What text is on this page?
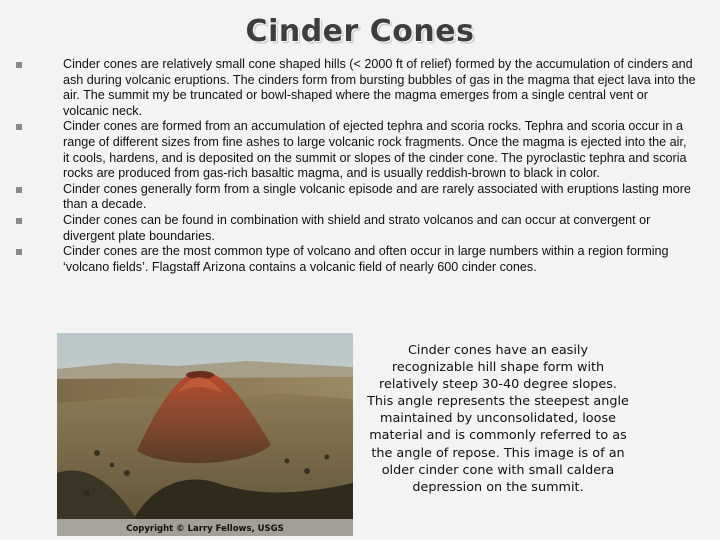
Cinder Cones
Cinder cones are relatively small cone shaped hills (< 2000 ft of relief) formed by the accumulation of cinders and ash during volcanic eruptions. The cinders form from bursting bubbles of gas in the magma that eject lava into the air. The summit my be truncated or bowl-shaped where the magma emerges from a single central vent or volcanic neck.
Cinder cones are formed from an accumulation of ejected tephra and scoria rocks. Tephra and scoria occur in a range of different sizes from fine ashes to large volcanic rock fragments. Once the magma is ejected into the air, it cools, hardens, and is deposited on the summit or slopes of the cinder cone. The pyroclastic tephra and scoria rocks are produced from gas-rich basaltic magma, and is usually reddish-brown to black in color.
Cinder cones generally form from a single volcanic episode and are rarely associated with eruptions lasting more than a decade.
Cinder cones can be found in combination with shield and strato volcanos and can occur at convergent or divergent plate boundaries.
Cinder cones are the most common type of volcano and often occur in large numbers within a region forming ‘volcano fields’. Flagstaff Arizona contains a volcanic field of nearly 600 cinder cones.
Copyright © Larry Fellows, USGS
Cinder cones have an easily recognizable hill shape form with relatively steep 30-40 degree slopes. This angle represents the steepest angle maintained by unconsolidated, loose material and is commonly referred to as the angle of repose. This image is of an older cinder cone with small caldera depression on the summit.
